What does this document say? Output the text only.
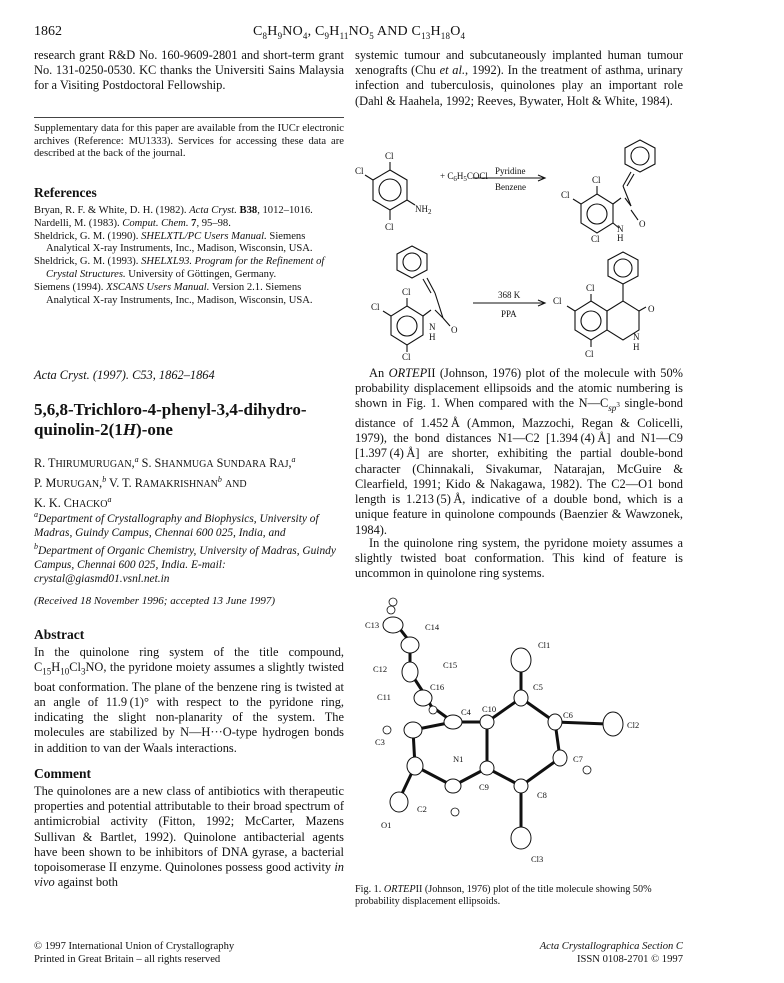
1862	$C_8H_9NO_4$, $C_9H_{11}NO_5$ AND $C_{13}H_{18}O_4$
research grant R&D No. 160-9609-2801 and short-term grant No. 131-0250-0530. KC thanks the Universiti Sains Malaysia for a Visiting Postdoctoral Fellowship.
Supplementary data for this paper are available from the IUCr electronic archives (Reference: MU1333). Services for accessing these data are described at the back of the journal.
References
Bryan, R. F. & White, D. H. (1982). Acta Cryst. B38, 1012–1016.
Nardelli, M. (1983). Comput. Chem. 7, 95–98.
Sheldrick, G. M. (1990). SHELXTL/PC Users Manual. Siemens Analytical X-ray Instruments, Inc., Madison, Wisconsin, USA.
Sheldrick, G. M. (1993). SHELXL93. Program for the Refinement of Crystal Structures. University of Göttingen, Germany.
Siemens (1994). XSCANS Users Manual. Version 2.1. Siemens Analytical X-ray Instruments, Inc., Madison, Wisconsin, USA.
Acta Cryst. (1997). C53, 1862–1864
5,6,8-Trichloro-4-phenyl-3,4-dihydro-
quinolin-2(1H)-one
R. THIRUMURUGAN,$^a$ S. SHANMUGA SUNDARA RAJ,$^a$
P. MURUGAN,$^b$ V. T. RAMAKRISHNAN$^b$ AND
K. K. CHACKO$^a$
$^a$Department of Crystallography and Biophysics, University of Madras, Guindy Campus, Chennai 600 025, India, and $^b$Department of Organic Chemistry, University of Madras, Guindy Campus, Chennai 600 025, India. E-mail: crystal@giasmd01.vsnl.net.in
(Received 18 November 1996; accepted 13 June 1997)
Abstract
In the quinolone ring system of the title compound, $C_{15}H_{10}Cl_3NO$, the pyridone moiety assumes a slightly twisted boat conformation. The plane of the benzene ring is twisted at an angle of 11.9 (1)° with respect to the pyridone ring, indicating the slight non-planarity of the system. The molecules are stabilized by N—H···O-type hydrogen bonds in addition to van der Waals interactions.
Comment
The quinolones are a new class of antibiotics with therapeutic properties and potential attributable to their broad spectrum of antimicrobial activity (Fitton, 1992; McCarter, Mazens Sullivan & Bartlet, 1992). Quinolone antibacterial agents have been shown to be inhibitors of DNA gyrase, a bacterial topoisomerase II enzyme. Quinolones possess good activity in vivo against both
© 1997 International Union of Crystallography
Printed in Great Britain – all rights reserved
Acta Crystallographica Section C
ISSN 0108-2701 © 1997
systemic tumour and subcutaneously implanted human tumour xenografts (Chu et al., 1992). In the treatment of asthma, urinary infection and tuberculosis, quinolones play an important role (Dahl & Haahela, 1992; Reeves, Bywater, Holt & White, 1984).
Cl
Cl
Cl
$NH_2$
+ $C_6H_5COCl$ Pyridine
Benzene
Cl
Cl
Cl
N
H
O
Cl
Cl
Cl
N
H
O
368 K
PPA
Cl
Cl
Cl
N
H
O
An ORTEPII (Johnson, 1976) plot of the molecule with 50% probability displacement ellipsoids and the atomic numbering is shown in Fig. 1. When compared with the $N—C_{sp^3}$ single-bond distance of 1.452 Å (Ammon, Mazzochi, Regan & Colicelli, 1979), the bond distances N1—C2 [1.394 (4) Å] and N1—C9 [1.397 (4) Å] are shorter, exhibiting the partial double-bond character (Chinnakali, Sivakumar, Natarajan, McGuire & Clearfield, 1991; Kido & Nakagawa, 1982). The C2—O1 bond length is 1.213 (5) Å, indicative of a double bond, which is a unique feature in quinolone compounds (Baenzier & Wawzonek, 1984).
In the quinolone ring system, the pyridone moiety assumes a slightly twisted boat conformation. This kind of feature is uncommon in quinolone ring systems.
C13	C14
C15
C12
C11
C16
Cl1
C5
C4 C10
C6
Cl2
C3
N1
C9
C7
C8
C2
O1
Cl3
Fig. 1. ORTEPII (Johnson, 1976) plot of the title molecule showing 50% probability displacement ellipsoids.
